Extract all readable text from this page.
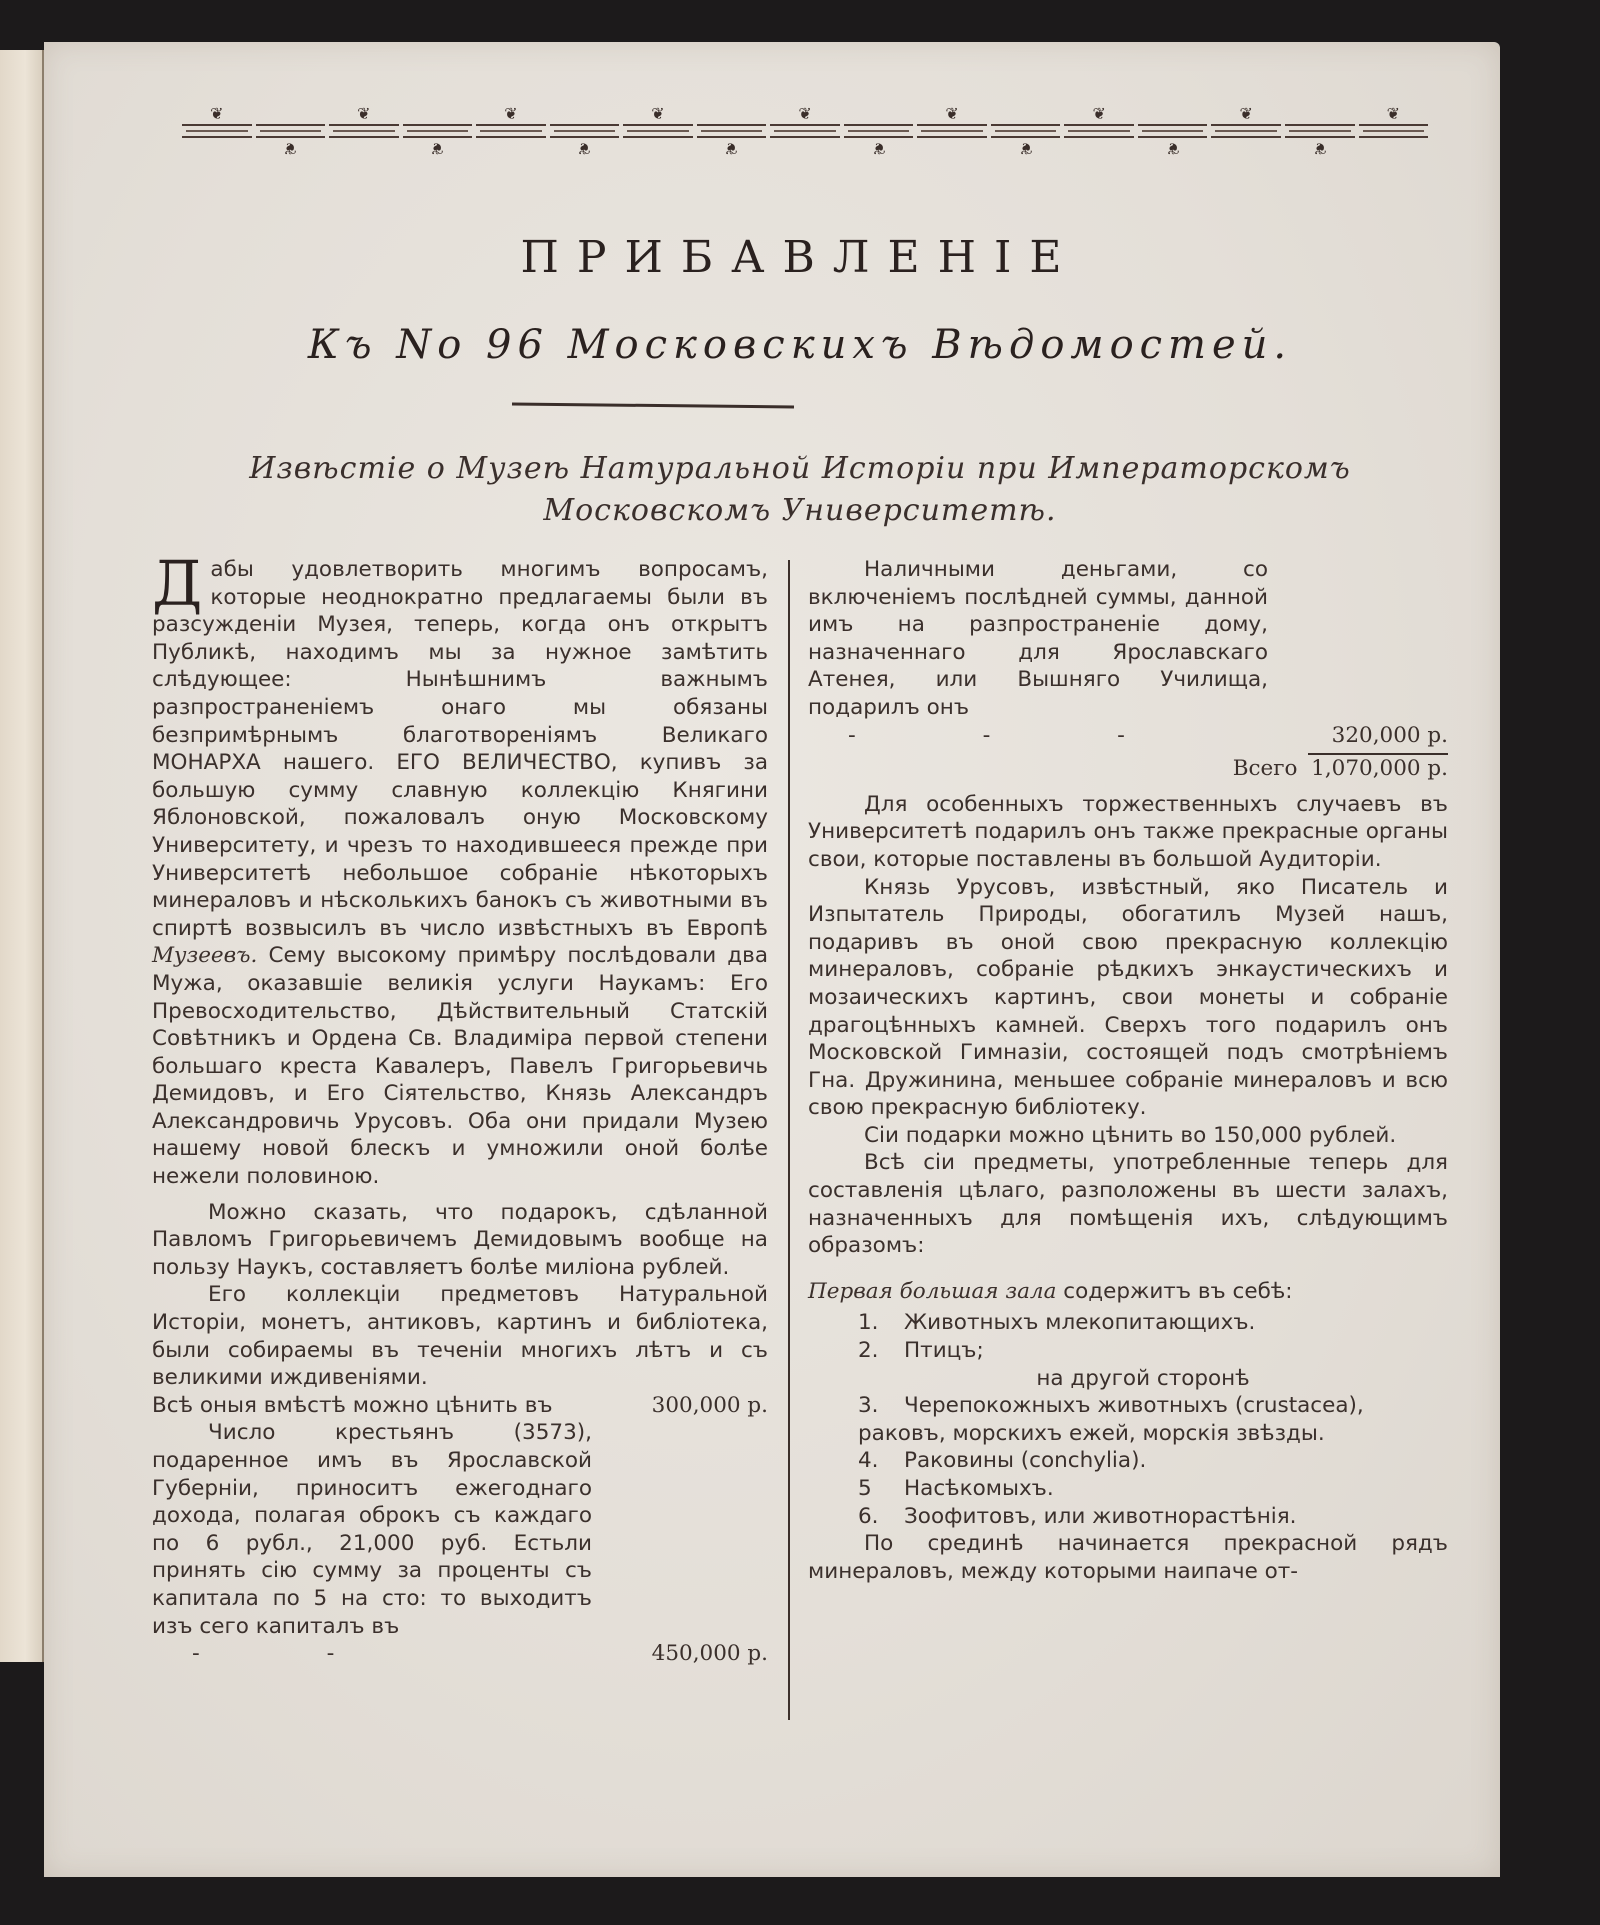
❦
❦
❦
❦
❦
❦
❦
❦
❦
❦
❦
❦
❦
❦
❦
❦
❦
ПРИБАВЛЕНІЕ
Къ No 96 Московскихъ Вѣдомостей.
Извѣстіе о Музеѣ Натуральной Исторіи при Императорскомъ
Московскомъ Университетѣ.

Дабы удовлетворить многимъ вопросамъ, которые неоднократно предлагаемы были въ разсужденіи Музея, теперь, когда онъ открытъ Публикѣ, находимъ мы за нужное замѣтить слѣдующее: Нынѣшнимъ важнымъ разпространеніемъ онаго мы обязаны безпримѣрнымъ благотвореніямъ Великаго МОНАРХА нашего. ЕГО ВЕЛИЧЕСТВО, купивъ за большую сумму славную коллекцію Княгини Яблоновской, пожаловалъ оную Московскому Университету, и чрезъ то находившееся прежде при Университетѣ небольшое собраніе нѣкоторыхъ минераловъ и нѣсколькихъ банокъ съ животными въ спиртѣ возвысилъ въ число извѣстныхъ въ Европѣ Музеевъ. Сему высокому примѣру послѣдовали два Мужа, оказавшіе великія услуги Наукамъ: Его Превосходительство, Дѣйствительный Статскій Совѣтникъ и Ордена Св. Владиміра первой степени большаго креста Кавалеръ, Павелъ Григорьевичь Демидовъ, и Его Сіятельство, Князь Александръ Александровичь Урусовъ. Оба они придали Музею нашему новой блескъ и умножили оной болѣе нежели половиною.

Можно сказать, что подарокъ, сдѣланной Павломъ Григорьевичемъ Демидовымъ вообще на пользу Наукъ, составляетъ болѣе миліона рублей.

Его коллекціи предметовъ Натуральной Исторіи, монетъ, антиковъ, картинъ и библіотека, были собираемы въ теченіи многихъ лѣтъ и съ великими иждивеніями.

Всѣ оныя вмѣстѣ можно цѣнить въ	300,000 р.

Число крестьянъ (3573), подаренное имъ въ Ярославской Губерніи, приноситъ ежегоднаго дохода, полагая оброкъ съ каждаго по 6 рубл., 21,000 руб. Естьли принять сію сумму за проценты съ капитала по 5 на сто: то выходитъ изъ сего капиталъ въ

- -	450,000 р.

Наличными деньгами, со включеніемъ послѣдней суммы, данной имъ на разпространеніе дому, назначеннаго для Ярославскаго Атенея, или Вышняго Училища, подарилъ онъ

- - -	320,000 р.
Всего 1,070,000 р.

Для особенныхъ торжественныхъ случаевъ въ Университетѣ подарилъ онъ также прекрасные органы свои, которые поставлены въ большой Аудиторіи.

Князь Урусовъ, извѣстный, яко Писатель и Изпытатель Природы, обогатилъ Музей нашъ, подаривъ въ оной свою прекрасную коллекцію минераловъ, собраніе рѣдкихъ энкаустическихъ и мозаическихъ картинъ, свои монеты и собраніе драгоцѣнныхъ камней. Сверхъ того подарилъ онъ Московской Гимназіи, состоящей подъ смотрѣніемъ Гна. Дружинина, меньшее собраніе минераловъ и всю свою прекрасную библіотеку.

Сіи подарки можно цѣнить во 150,000 рублей.

Всѣ сіи предметы, употребленные теперь для составленія цѣлаго, разположены въ шести залахъ, назначенныхъ для помѣщенія ихъ, слѣдующимъ образомъ:

Первая большая зала содержитъ въ себѣ:
1. Животныхъ млекопитающихъ.
2. Птицъ;
на другой сторонѣ
3. Черепокожныхъ животныхъ (crustacea), раковъ, морскихъ ежей, морскія звѣзды.
4. Раковины (conchylia).
5 Насѣкомыхъ.
6. Зоофитовъ, или животнорастѣнія.

По срединѣ начинается прекрасной рядъ минераловъ, между которыми наипаче от-
